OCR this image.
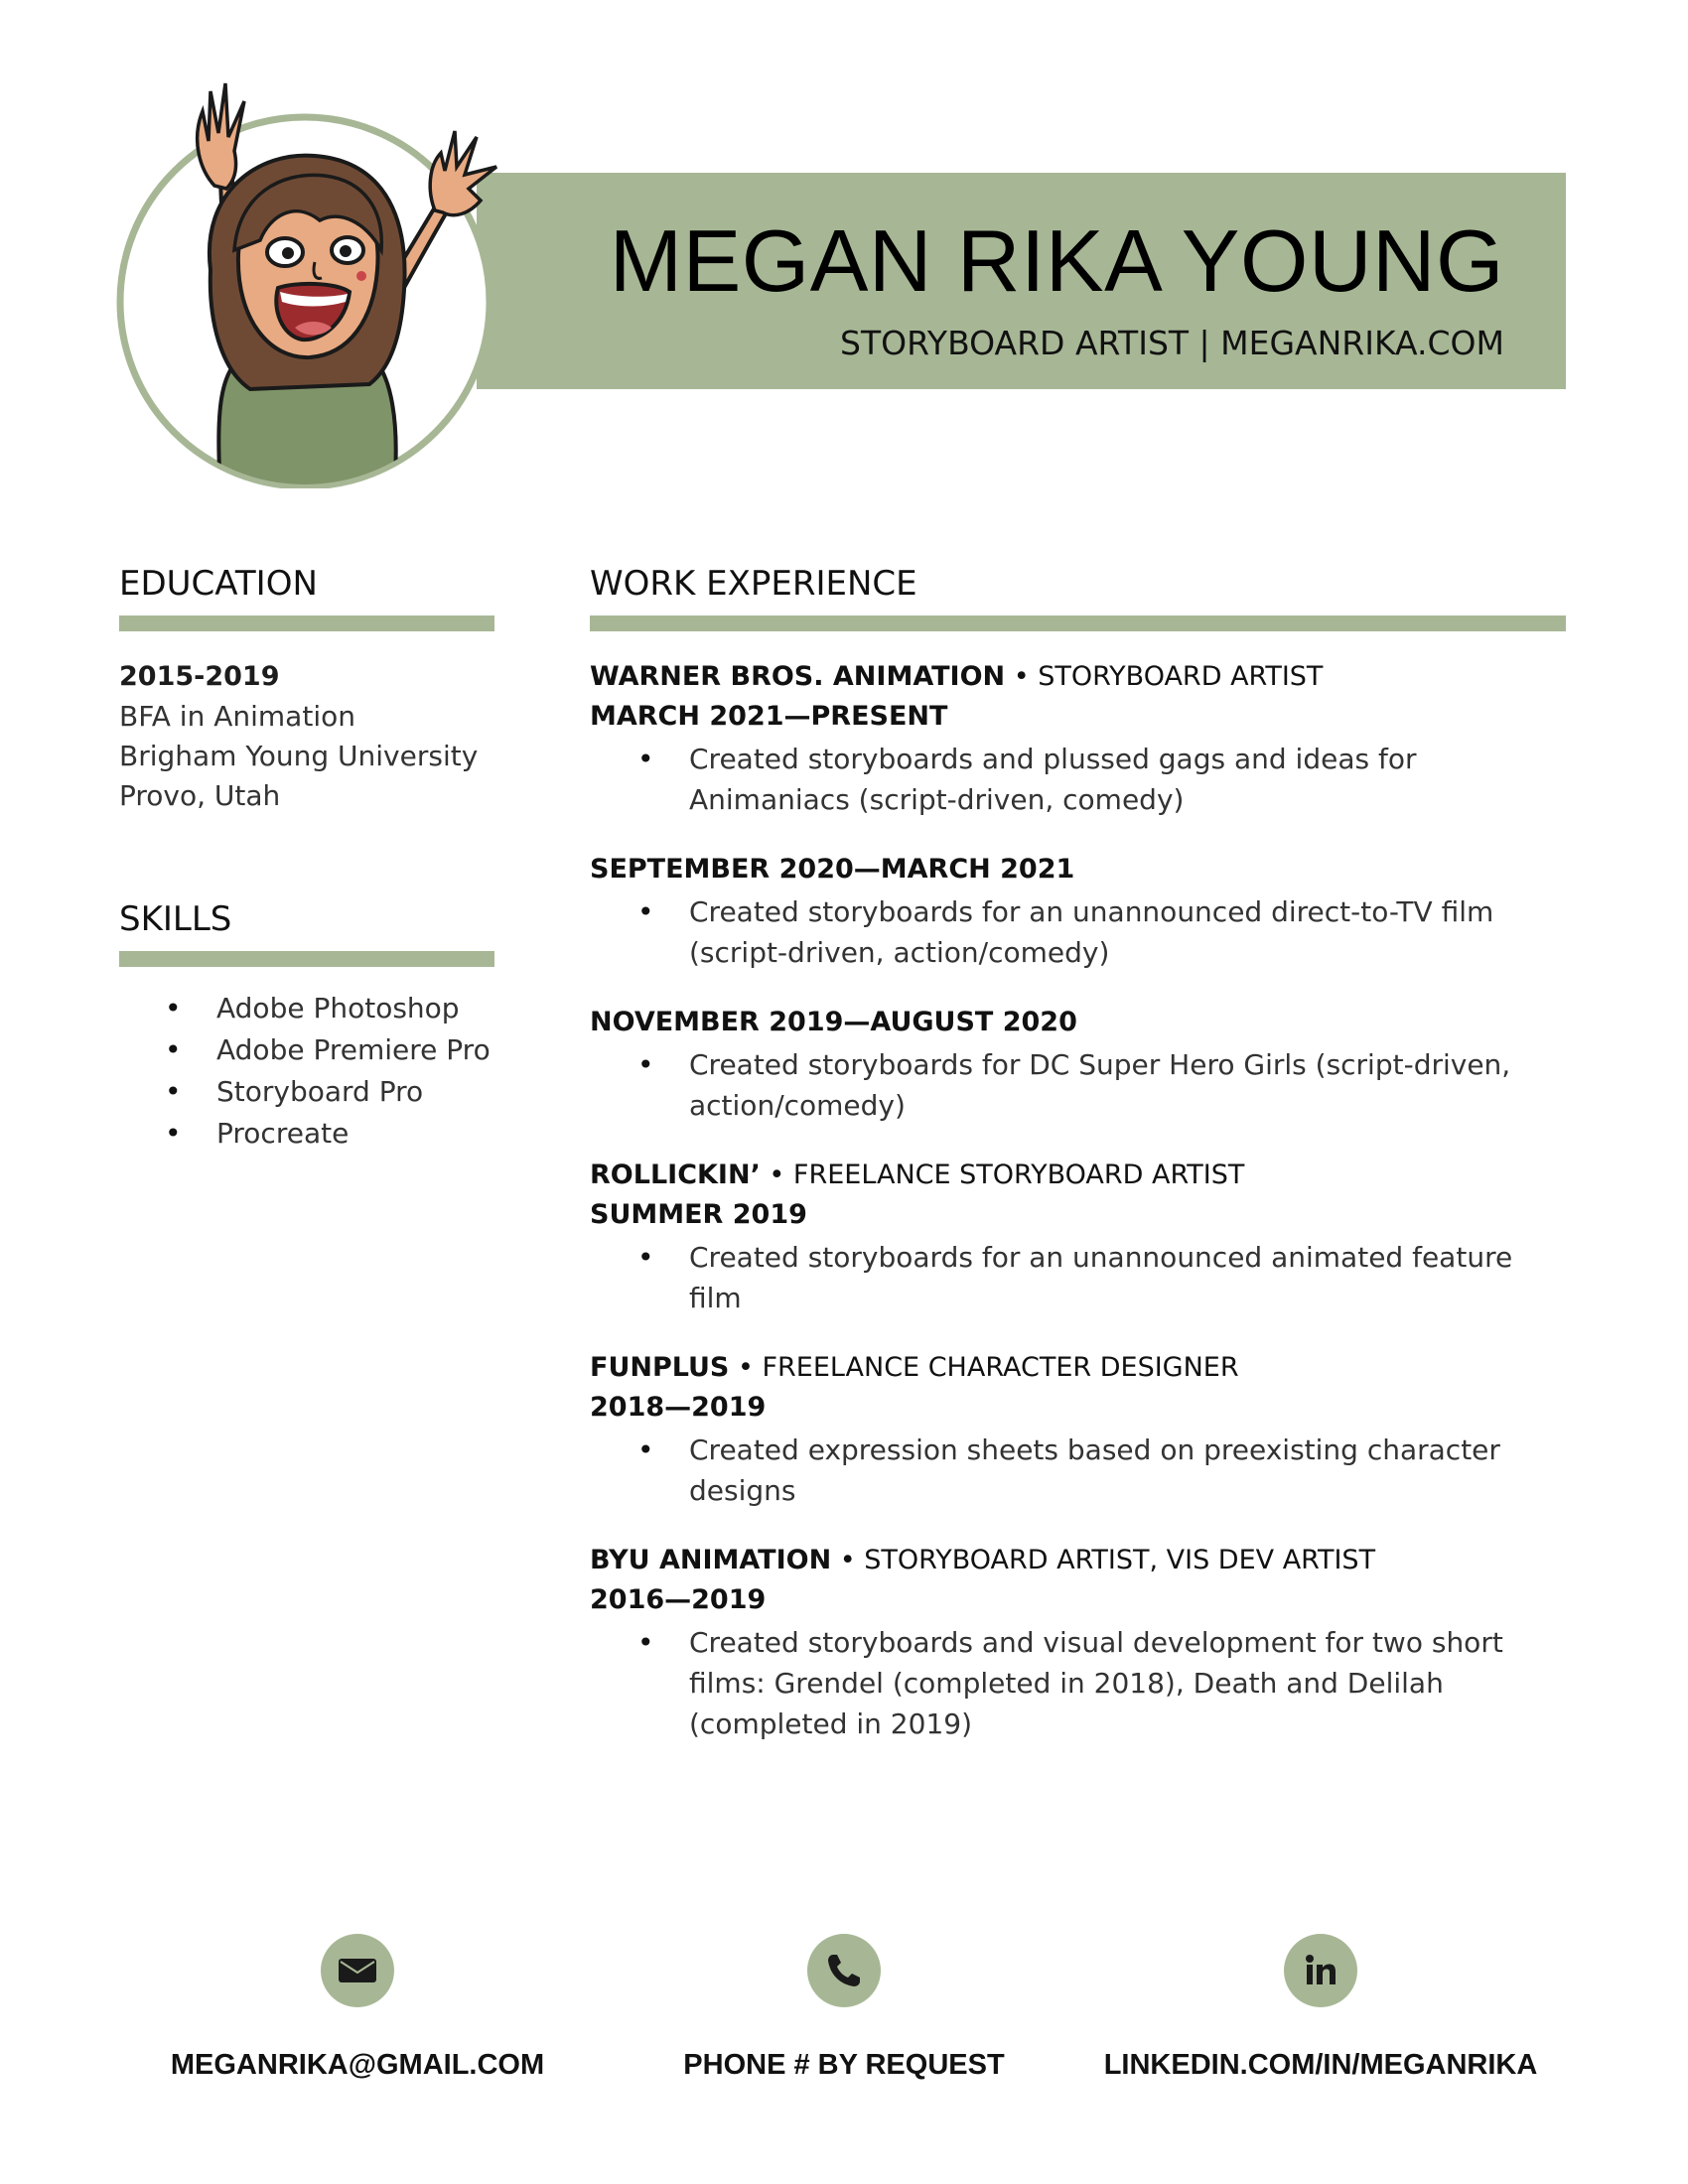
MEGAN RIKA YOUNG
STORYBOARD ARTIST | MEGANRIKA.COM
EDUCATION
2015-2019
BFA in Animation
Brigham Young University
Provo, Utah
SKILLS
• Adobe Photoshop
• Adobe Premiere Pro
• Storyboard Pro
• Procreate
WORK EXPERIENCE
WARNER BROS. ANIMATION • STORYBOARD ARTIST
MARCH 2021—PRESENT
• Created storyboards and plussed gags and ideas for Animaniacs (script-driven, comedy)
SEPTEMBER 2020—MARCH 2021
• Created storyboards for an unannounced direct-to-TV film (script-driven, action/comedy)
NOVEMBER 2019—AUGUST 2020
• Created storyboards for DC Super Hero Girls (script-driven, action/comedy)
ROLLICKIN’ • FREELANCE STORYBOARD ARTIST
SUMMER 2019
• Created storyboards for an unannounced animated feature film
FUNPLUS • FREELANCE CHARACTER DESIGNER
2018—2019
• Created expression sheets based on preexisting character designs
BYU ANIMATION • STORYBOARD ARTIST, VIS DEV ARTIST
2016—2019
• Created storyboards and visual development for two short films: Grendel (completed in 2018), Death and Delilah (completed in 2019)
MEGANRIKA@GMAIL.COM	PHONE # BY REQUEST	LINKEDIN.COM/IN/MEGANRIKA
